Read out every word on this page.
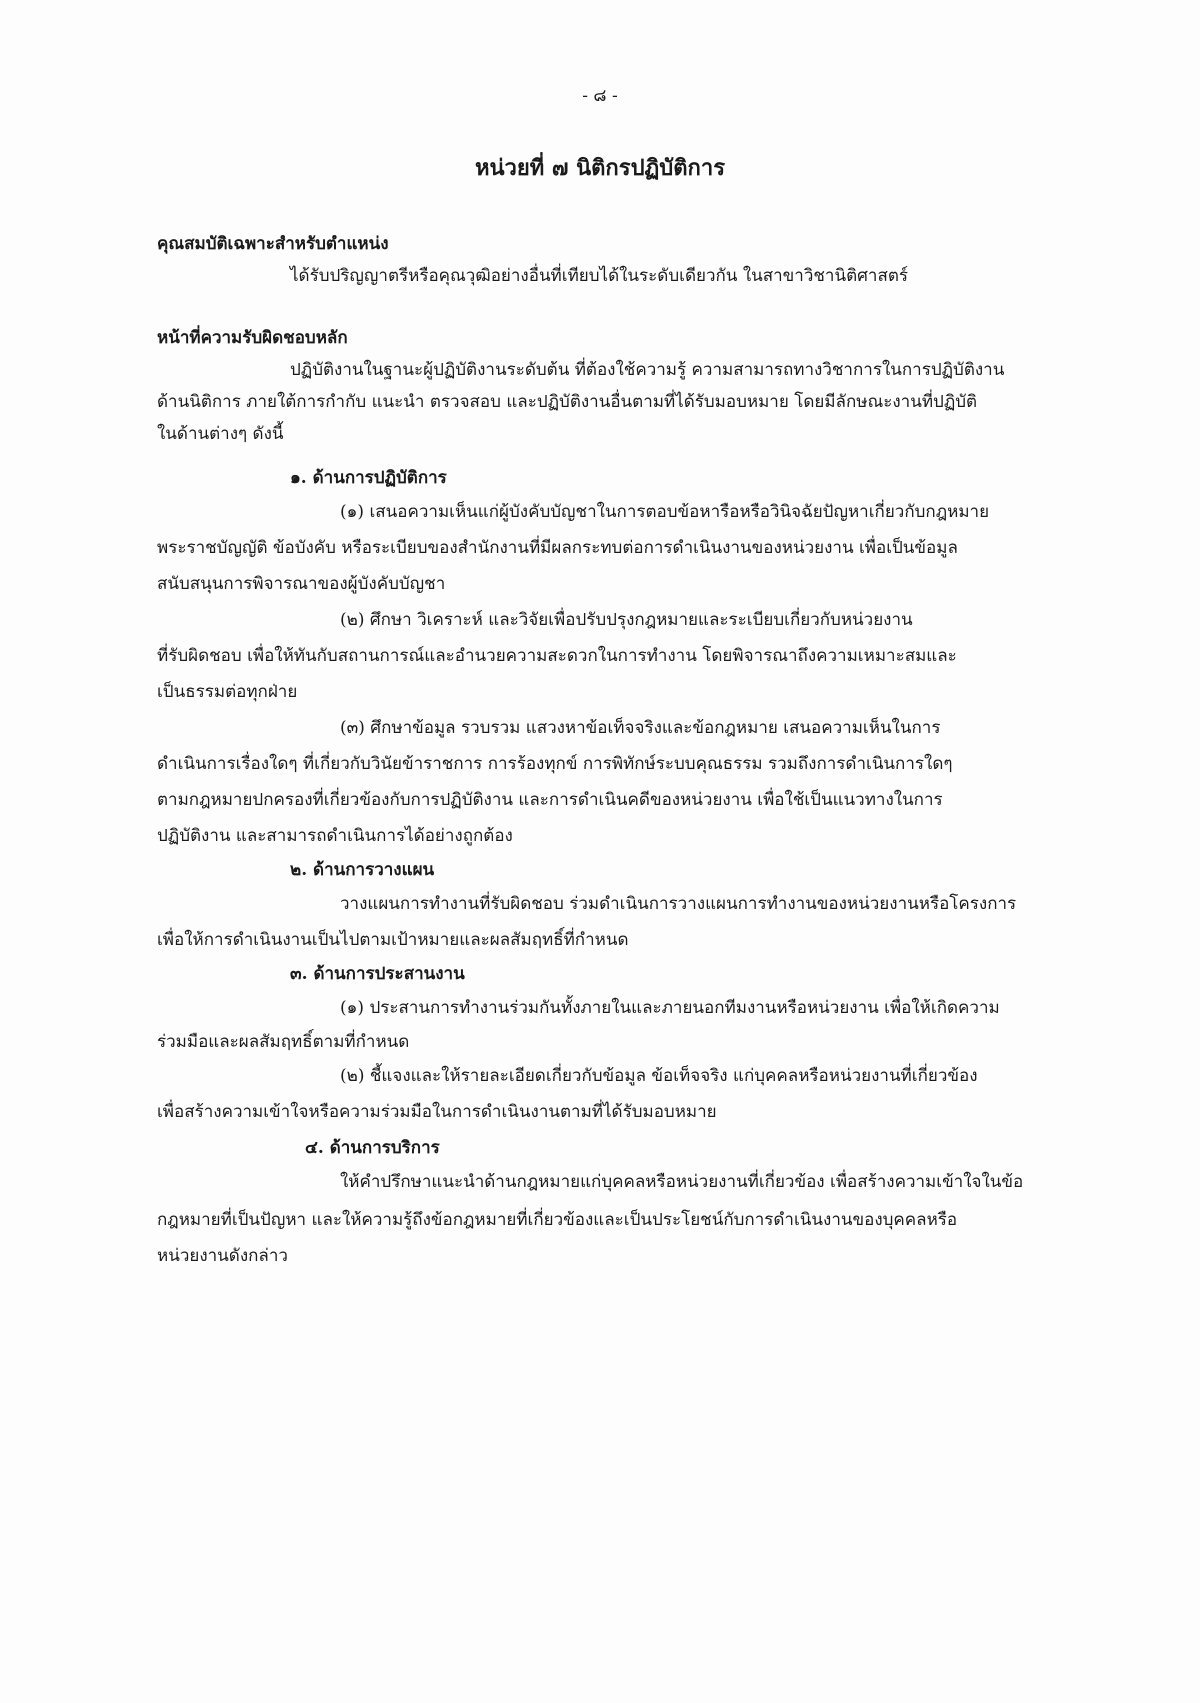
- ๘ -
หน่วยที่ ๗ นิติกรปฏิบัติการ
คุณสมบัติเฉพาะสำหรับตำแหน่ง
ได้รับปริญญาตรีหรือคุณวุฒิอย่างอื่นที่เทียบได้ในระดับเดียวกัน ในสาขาวิชานิติศาสตร์
หน้าที่ความรับผิดชอบหลัก
ปฏิบัติงานในฐานะผู้ปฏิบัติงานระดับต้น ที่ต้องใช้ความรู้ ความสามารถทางวิชาการในการปฏิบัติงาน
ด้านนิติการ ภายใต้การกำกับ แนะนำ ตรวจสอบ และปฏิบัติงานอื่นตามที่ได้รับมอบหมาย โดยมีลักษณะงานที่ปฏิบัติ
ในด้านต่างๆ ดังนี้
๑. ด้านการปฏิบัติการ
(๑) เสนอความเห็นแก่ผู้บังคับบัญชาในการตอบข้อหารือหรือวินิจฉัยปัญหาเกี่ยวกับกฎหมาย
พระราชบัญญัติ ข้อบังคับ หรือระเบียบของสำนักงานที่มีผลกระทบต่อการดำเนินงานของหน่วยงาน เพื่อเป็นข้อมูล
สนับสนุนการพิจารณาของผู้บังคับบัญชา
(๒) ศึกษา วิเคราะห์ และวิจัยเพื่อปรับปรุงกฎหมายและระเบียบเกี่ยวกับหน่วยงาน
ที่รับผิดชอบ เพื่อให้ทันกับสถานการณ์และอำนวยความสะดวกในการทำงาน โดยพิจารณาถึงความเหมาะสมและ
เป็นธรรมต่อทุกฝ่าย
(๓) ศึกษาข้อมูล รวบรวม แสวงหาข้อเท็จจริงและข้อกฎหมาย เสนอความเห็นในการ
ดำเนินการเรื่องใดๆ ที่เกี่ยวกับวินัยข้าราชการ การร้องทุกข์ การพิทักษ์ระบบคุณธรรม รวมถึงการดำเนินการใดๆ
ตามกฎหมายปกครองที่เกี่ยวข้องกับการปฏิบัติงาน และการดำเนินคดีของหน่วยงาน เพื่อใช้เป็นแนวทางในการ
ปฏิบัติงาน และสามารถดำเนินการได้อย่างถูกต้อง
๒. ด้านการวางแผน
วางแผนการทำงานที่รับผิดชอบ ร่วมดำเนินการวางแผนการทำงานของหน่วยงานหรือโครงการ
เพื่อให้การดำเนินงานเป็นไปตามเป้าหมายและผลสัมฤทธิ์ที่กำหนด
๓. ด้านการประสานงาน
(๑) ประสานการทำงานร่วมกันทั้งภายในและภายนอกทีมงานหรือหน่วยงาน เพื่อให้เกิดความ
ร่วมมือและผลสัมฤทธิ์ตามที่กำหนด
(๒) ชี้แจงและให้รายละเอียดเกี่ยวกับข้อมูล ข้อเท็จจริง แก่บุคคลหรือหน่วยงานที่เกี่ยวข้อง
เพื่อสร้างความเข้าใจหรือความร่วมมือในการดำเนินงานตามที่ได้รับมอบหมาย
๔. ด้านการบริการ
ให้คำปรึกษาแนะนำด้านกฎหมายแก่บุคคลหรือหน่วยงานที่เกี่ยวข้อง เพื่อสร้างความเข้าใจในข้อ
กฎหมายที่เป็นปัญหา และให้ความรู้ถึงข้อกฎหมายที่เกี่ยวข้องและเป็นประโยชน์กับการดำเนินงานของบุคคลหรือ
หน่วยงานดังกล่าว
